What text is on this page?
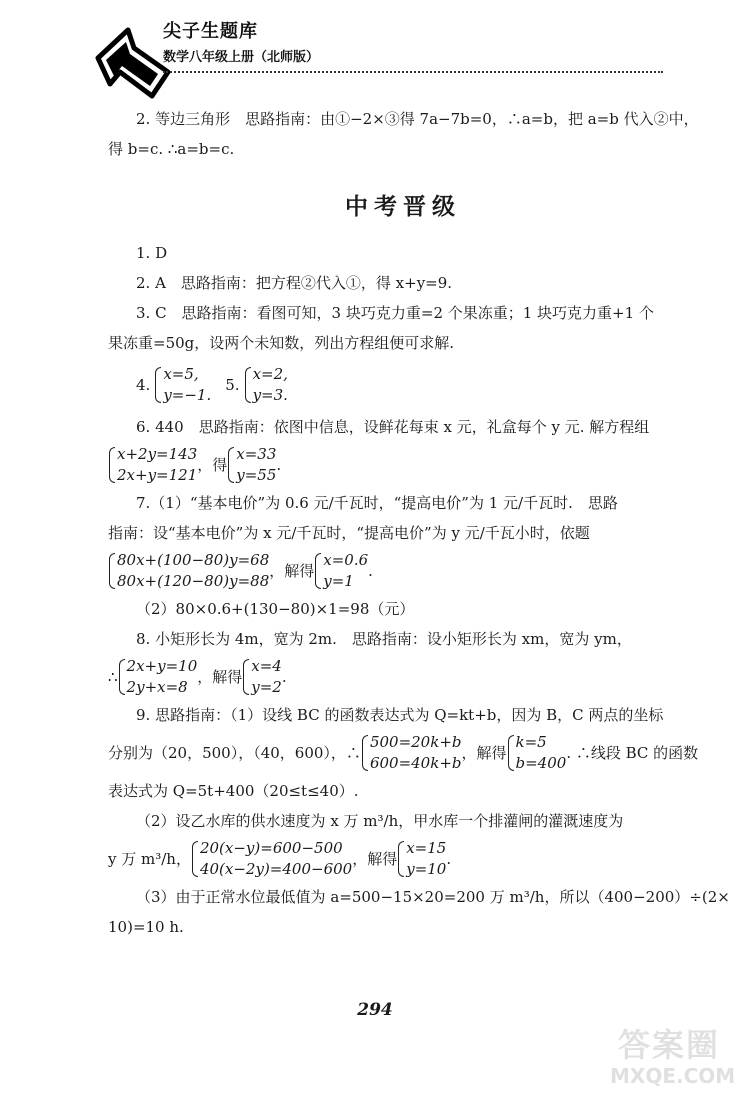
尖子生题库
数学八年级上册（北师版）
2. 等边三角形　思路指南：由①−2×③得 7a−7b=0，∴a=b，把 a=b 代入②中，
得 b=c. ∴a=b=c.
中考晋级
1. D
2. A　思路指南：把方程②代入①，得 x+y=9.
3. C　思路指南：看图可知，3 块巧克力重=2 个果冻重；1 块巧克力重+1 个
果冻重=50g，设两个未知数，列出方程组便可求解.
4.
x=5,
y=−1.
5.
x=2,
y=3.
6. 440　思路指南：依图中信息，设鲜花每束 x 元，礼盒每个 y 元. 解方程组
x+2y=143
2x+y=121
，得
x=33
y=55
.
7.（1）“基本电价”为 0.6 元/千瓦时，“提高电价”为 1 元/千瓦时.　思路
指南：设“基本电价”为 x 元/千瓦时，“提高电价”为 y 元/千瓦小时，依题
80x+(100−80)y=68
80x+(120−80)y=88
，解得
x=0.6
y=1
.
（2）80×0.6+(130−80)×1=98（元）
8. 小矩形长为 4m，宽为 2m.　思路指南：设小矩形长为 xm，宽为 ym，
∴
2x+y=10
2y+x=8
，解得
x=4
y=2
.
9. 思路指南：（1）设线 BC 的函数表达式为 Q=kt+b，因为 B，C 两点的坐标
分别为（20，500），（40，600），∴
500=20k+b
600=40k+b
，解得
k=5
b=400
. ∴线段 BC 的函数
表达式为 Q=5t+400（20≤t≤40）.
（2）设乙水库的供水速度为 x 万 m³/h，甲水库一个排灌闸的灌溉速度为
y 万 m³/h，
20(x−y)=600−500
40(x−2y)=400−600
，解得
x=15
y=10
.
（3）由于正常水位最低值为 a=500−15×20=200 万 m³/h，所以（400−200）÷(2×
10)=10 h.
294
答案圈
MXQE.COM
